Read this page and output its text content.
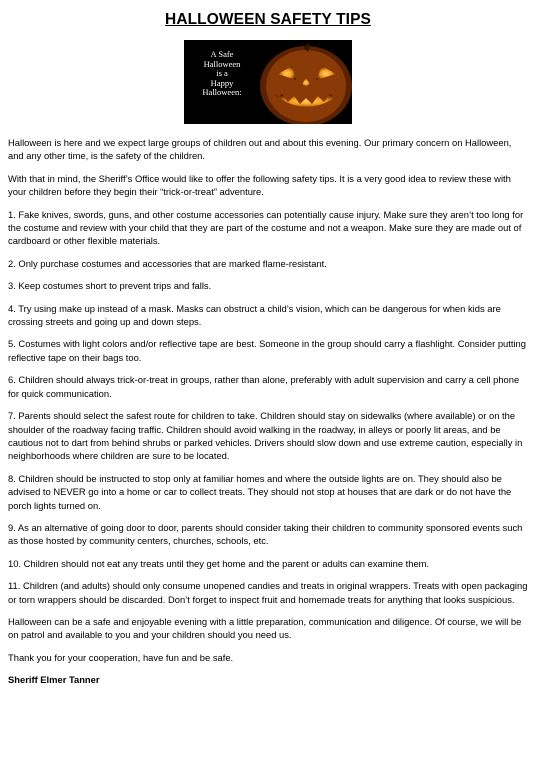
HALLOWEEN SAFETY TIPS
A Safe
Halloween
is a
Happy
Halloween:

Halloween is here and we expect large groups of children out and about this evening. Our primary concern on Halloween, and any other time, is the safety of the children.

With that in mind, the Sheriff’s Office would like to offer the following safety tips. It is a very good idea to review these with your children before they begin their “trick-or-treat” adventure.

1. Fake knives, swords, guns, and other costume accessories can potentially cause injury. Make sure they aren’t too long for the costume and review with your child that they are part of the costume and not a weapon. Make sure they are made out of cardboard or other flexible materials.

2. Only purchase costumes and accessories that are marked flame-resistant.

3. Keep costumes short to prevent trips and falls.

4. Try using make up instead of a mask. Masks can obstruct a child’s vision, which can be dangerous for when kids are crossing streets and going up and down steps.

5. Costumes with light colors and/or reflective tape are best. Someone in the group should carry a flashlight. Consider putting reflective tape on their bags too.

6. Children should always trick-or-treat in groups, rather than alone, preferably with adult supervision and carry a cell phone for quick communication.

7. Parents should select the safest route for children to take. Children should stay on sidewalks (where available) or on the shoulder of the roadway facing traffic. Children should avoid walking in the roadway, in alleys or poorly lit areas, and be cautious not to dart from behind shrubs or parked vehicles. Drivers should slow down and use extreme caution, especially in neighborhoods where children are sure to be located.

8. Children should be instructed to stop only at familiar homes and where the outside lights are on. They should also be advised to NEVER go into a home or car to collect treats. They should not stop at houses that are dark or do not have the porch lights turned on.

9. As an alternative of going door to door, parents should consider taking their children to community sponsored events such as those hosted by community centers, churches, schools, etc.

10. Children should not eat any treats until they get home and the parent or adults can examine them.

11. Children (and adults) should only consume unopened candies and treats in original wrappers. Treats with open packaging or torn wrappers should be discarded. Don’t forget to inspect fruit and homemade treats for anything that looks suspicious.

Halloween can be a safe and enjoyable evening with a little preparation, communication and diligence. Of course, we will be on patrol and available to you and your children should you need us.

Thank you for your cooperation, have fun and be safe.

Sheriff Elmer Tanner
